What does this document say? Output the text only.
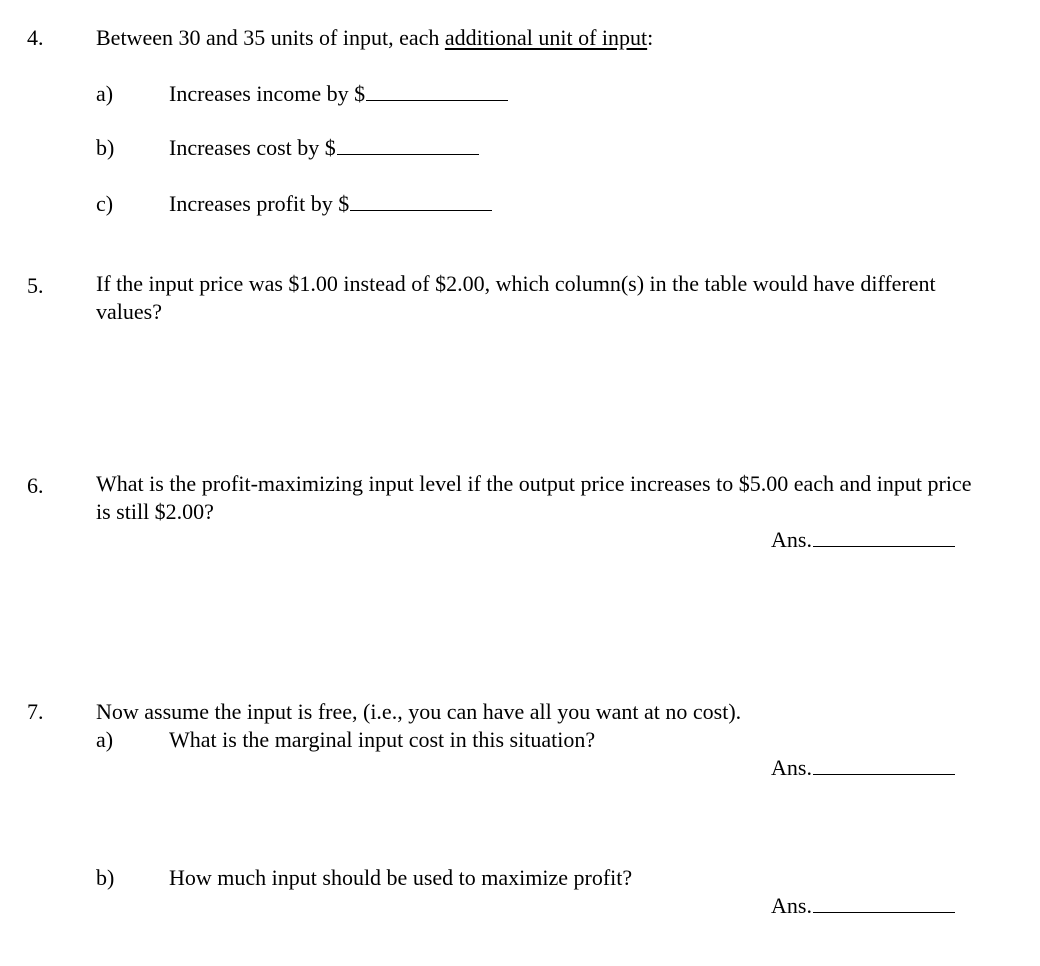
4. Between 30 and 35 units of input, each additional unit of input:
a)	Increases income by $
b) Increases cost by $
c)	Increases profit by $
5. If the input price was $1.00 instead of $2.00, which column(s) in the table would have different values?
6. What is the profit-maximizing input level if the output price increases to $5.00 each and input price is still $2.00?
Ans.
7. Now assume the input is free, (i.e., you can have all you want at no cost).
a)	What is the marginal input cost in this situation?
Ans.
b) How much input should be used to maximize profit?
Ans.
